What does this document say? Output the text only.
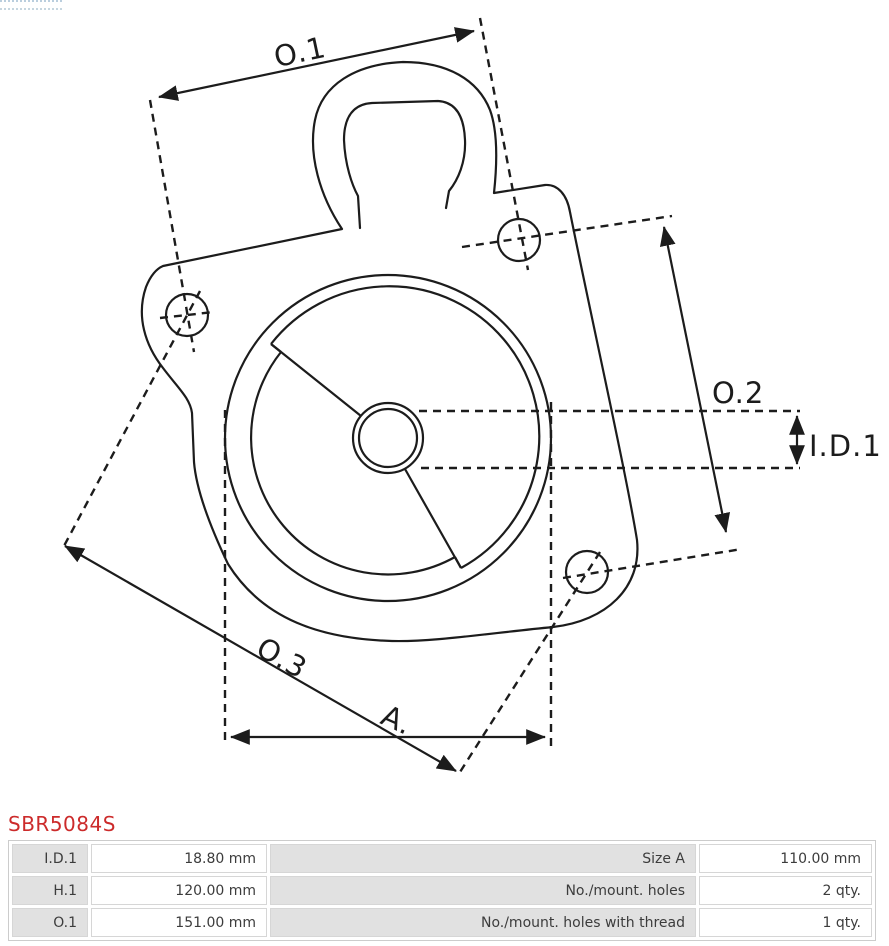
O.1
O.2
O.3
A.
I.D.1
SBR5084S
I.D.1	18.80 mm	Size A	110.00 mm
H.1	120.00 mm	No./mount. holes	2 qty.
O.1	151.00 mm	No./mount. holes with thread	1 qty.
